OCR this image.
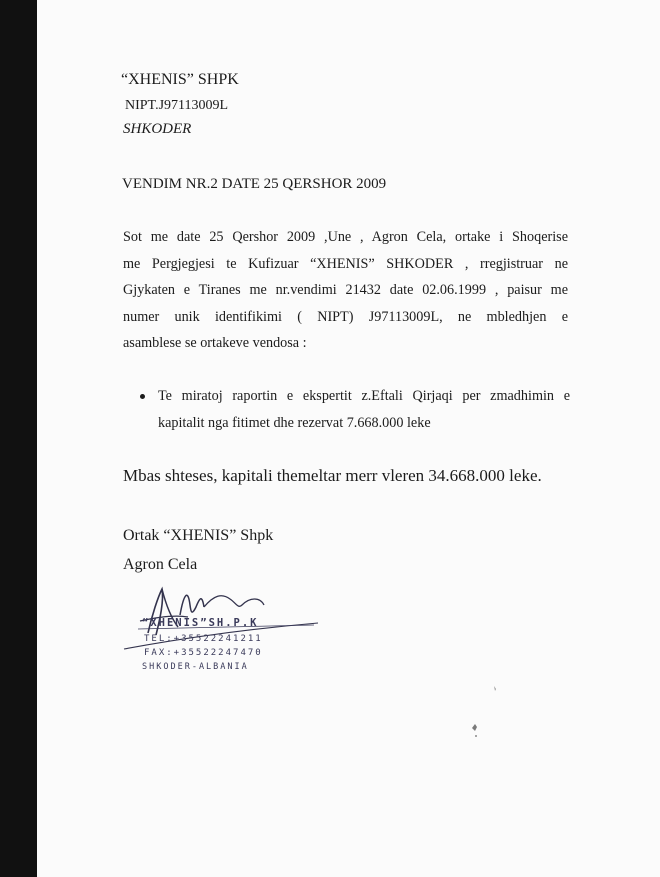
“XHENIS” SHPK
NIPT.J97113009L
SHKODER
VENDIM NR.2 DATE 25 QERSHOR 2009
Sot me date 25 Qershor 2009 ,Une , Agron Cela, ortake i Shoqerise
me Pergjegjesi te Kufizuar “XHENIS” SHKODER , rregjistruar ne
Gjykaten e Tiranes me nr.vendimi 21432 date 02.06.1999 , paisur me
numer unik identifikimi ( NIPT) J97113009L, ne mbledhjen e
asamblese se ortakeve vendosa :
Te miratoj raportin e ekspertit z.Eftali Qirjaqi per zmadhimin e
kapitalit nga fitimet dhe rezervat 7.668.000 leke
Mbas shteses, kapitali themeltar merr vleren 34.668.000 leke.
Ortak “XHENIS” Shpk
Agron Cela
“XHENIS”SH.P.K
TEL:+35522241211
FAX:+35522247470
SHKODER-ALBANIA
